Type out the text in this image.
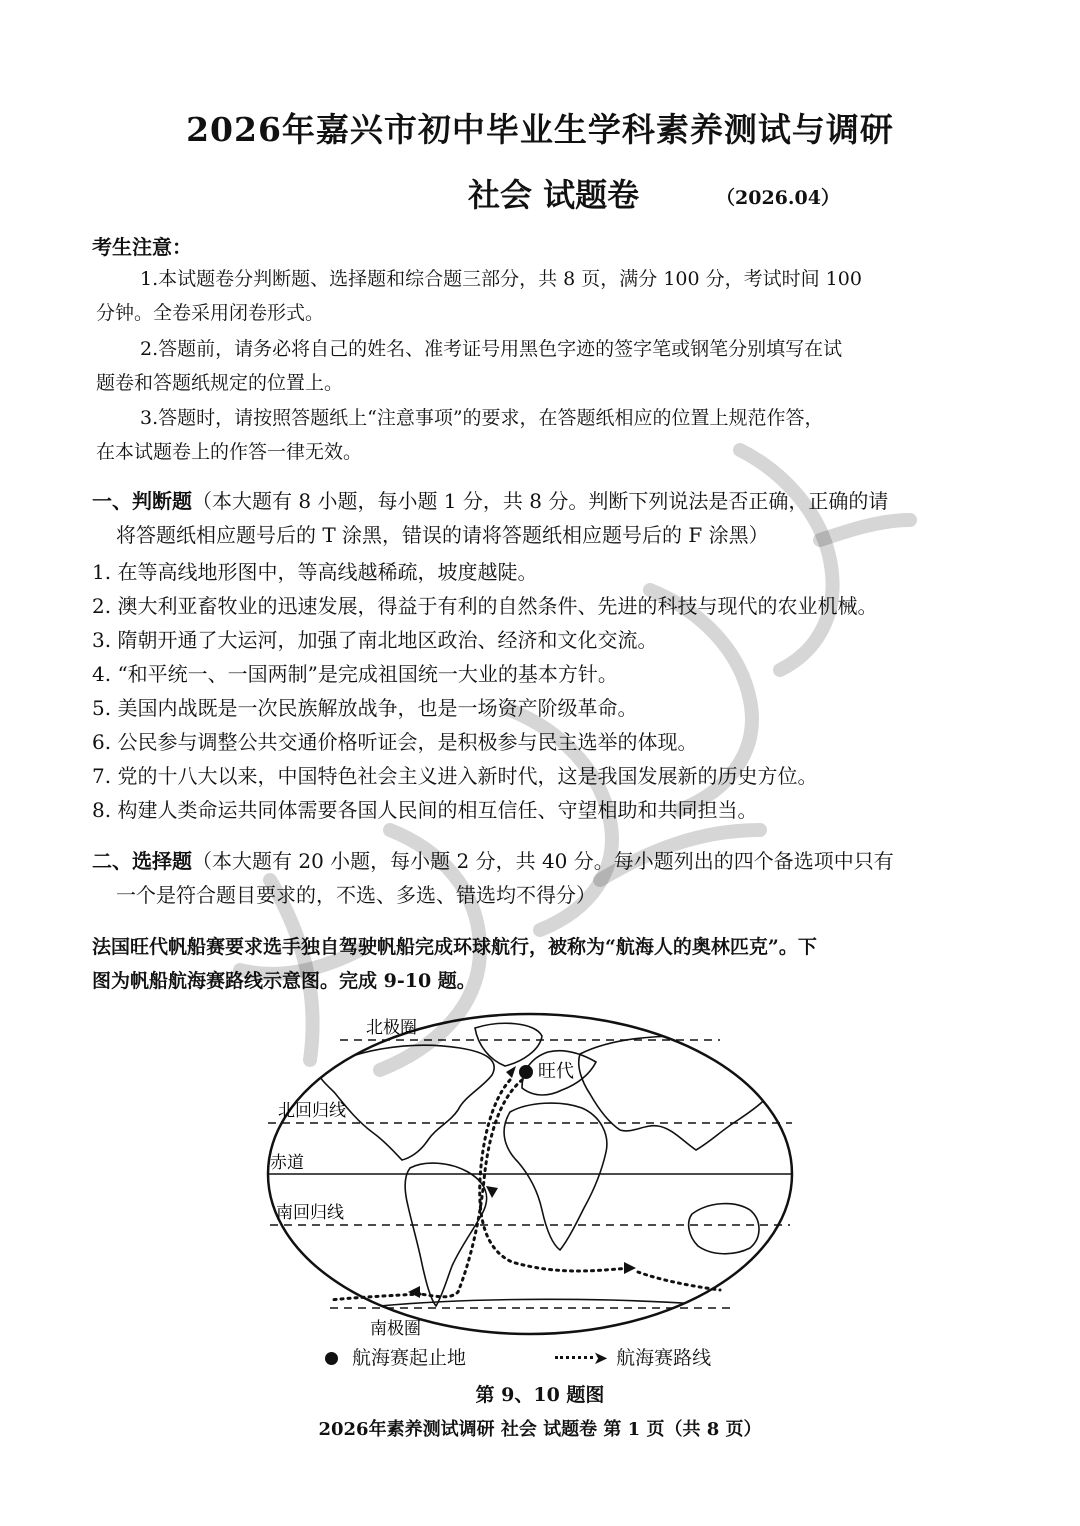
2026年嘉兴市初中毕业生学科素养测试与调研
社会 试题卷	（2026.04）
考生注意：
1.本试题卷分判断题、选择题和综合题三部分，共 8 页，满分 100 分，考试时间 100
分钟。全卷采用闭卷形式。
2.答题前，请务必将自己的姓名、准考证号用黑色字迹的签字笔或钢笔分别填写在试
题卷和答题纸规定的位置上。
3.答题时，请按照答题纸上“注意事项”的要求，在答题纸相应的位置上规范作答，
在本试题卷上的作答一律无效。
一、判断题（本大题有 8 小题，每小题 1 分，共 8 分。判断下列说法是否正确，正确的请
将答题纸相应题号后的 T 涂黑，错误的请将答题纸相应题号后的 F 涂黑）
1. 在等高线地形图中，等高线越稀疏，坡度越陡。
2. 澳大利亚畜牧业的迅速发展，得益于有利的自然条件、先进的科技与现代的农业机械。
3. 隋朝开通了大运河，加强了南北地区政治、经济和文化交流。
4. “和平统一、一国两制”是完成祖国统一大业的基本方针。
5. 美国内战既是一次民族解放战争，也是一场资产阶级革命。
6. 公民参与调整公共交通价格听证会，是积极参与民主选举的体现。
7. 党的十八大以来，中国特色社会主义进入新时代，这是我国发展新的历史方位。
8. 构建人类命运共同体需要各国人民间的相互信任、守望相助和共同担当。
二、选择题（本大题有 20 小题，每小题 2 分，共 40 分。每小题列出的四个备选项中只有
一个是符合题目要求的，不选、多选、错选均不得分）
法国旺代帆船赛要求选手独自驾驶帆船完成环球航行，被称为“航海人的奥林匹克”。下
图为帆船航海赛路线示意图。完成 9-10 题。
旺代
北极圈
北回归线
赤道
南回归线
南极圈
航海赛起止地	➤ 航海赛路线
第 9、10 题图
2026年素养测试调研 社会 试题卷 第 1 页（共 8 页）
